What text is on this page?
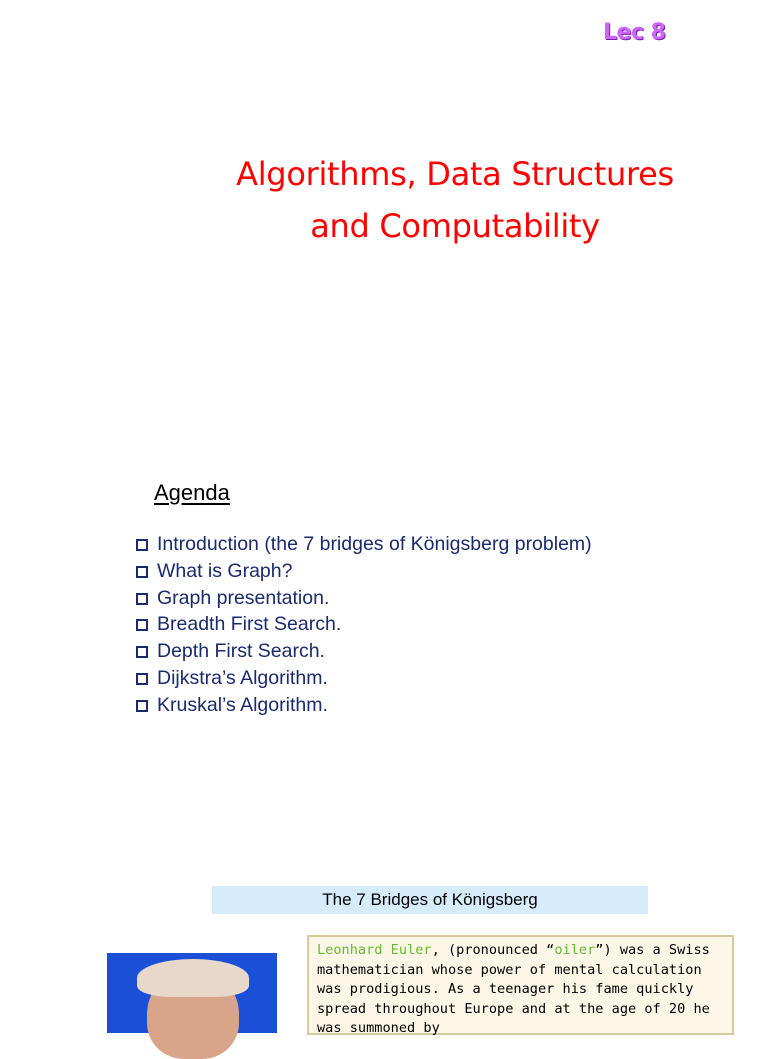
Lec 8
Algorithms, Data Structures
and Computability
Agenda
Introduction (the 7 bridges of Königsberg problem)
What is Graph?
Graph presentation.
Breadth First Search.
Depth First Search.
Dijkstra’s Algorithm.
Kruskal’s Algorithm.
The 7 Bridges of Königsberg
Leonhard Euler, (pronounced “oiler”) was a Swiss mathematician whose power of mental calculation was prodigious. As a teenager his fame quickly spread throughout Europe and at the age of 20 he was summoned by
